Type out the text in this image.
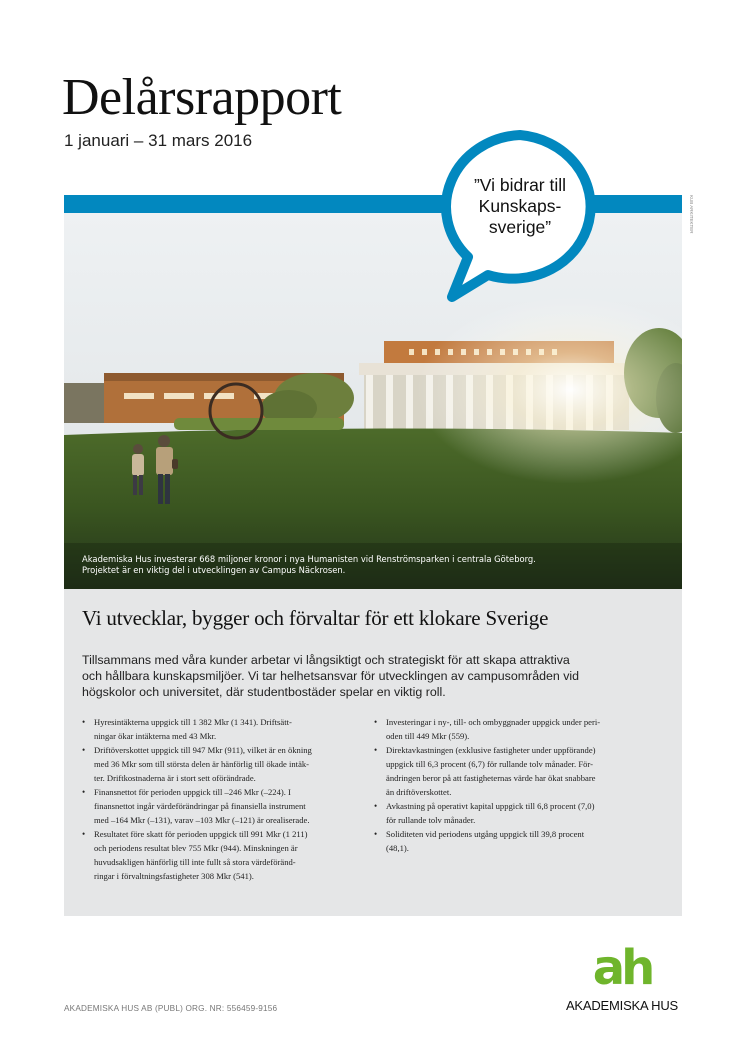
Delårsrapport
1 januari – 31 mars 2016
Akademiska Hus investerar 668 miljoner kronor i nya Humanisten vid Renströmsparken i centrala Göteborg.
Projektet är en viktig del i utvecklingen av Campus Näckrosen.
KUB ARKITEKTER
”Vi bidrar till
Kunskaps-
sverige”
Vi utvecklar, bygger och förvaltar för ett klokare Sverige
Tillsammans med våra kunder arbetar vi långsiktigt och strategiskt för att skapa attraktiva
och hållbara kunskapsmiljöer. Vi tar helhetsansvar för utvecklingen av campusområden vid
högskolor och universitet, där studentbostäder spelar en viktig roll.
• Hyresintäkterna uppgick till 1 382 Mkr (1 341). Driftsätt-
ningar ökar intäkterna med 43 Mkr.
• Driftöverskottet uppgick till 947 Mkr (911), vilket är en ökning
med 36 Mkr som till största delen är hänförlig till ökade intäk-
ter. Driftkostnaderna är i stort sett oförändrade.
• Finansnettot för perioden uppgick till –246 Mkr (–224). I
finansnettot ingår värdeförändringar på finansiella instrument
med –164 Mkr (–131), varav –103 Mkr (–121) är orealiserade.
• Resultatet före skatt för perioden uppgick till 991 Mkr (1 211)
och periodens resultat blev 755 Mkr (944). Minskningen är
huvudsakligen hänförlig till inte fullt så stora värdeföränd-
ringar i förvaltningsfastigheter 308 Mkr (541).
• Investeringar i ny-, till- och ombyggnader uppgick under peri-
oden till 449 Mkr (559).
• Direktavkastningen (exklusive fastigheter under uppförande)
uppgick till 6,3 procent (6,7) för rullande tolv månader. För-
ändringen beror på att fastigheternas värde har ökat snabbare
än driftöverskottet.
• Avkastning på operativt kapital uppgick till 6,8 procent (7,0)
för rullande tolv månader.
• Soliditeten vid periodens utgång uppgick till 39,8 procent
(48,1).
AKADEMISKA HUS AB (PUBL) ORG. NR: 556459-9156
ah
AKADEMISKA HUS
